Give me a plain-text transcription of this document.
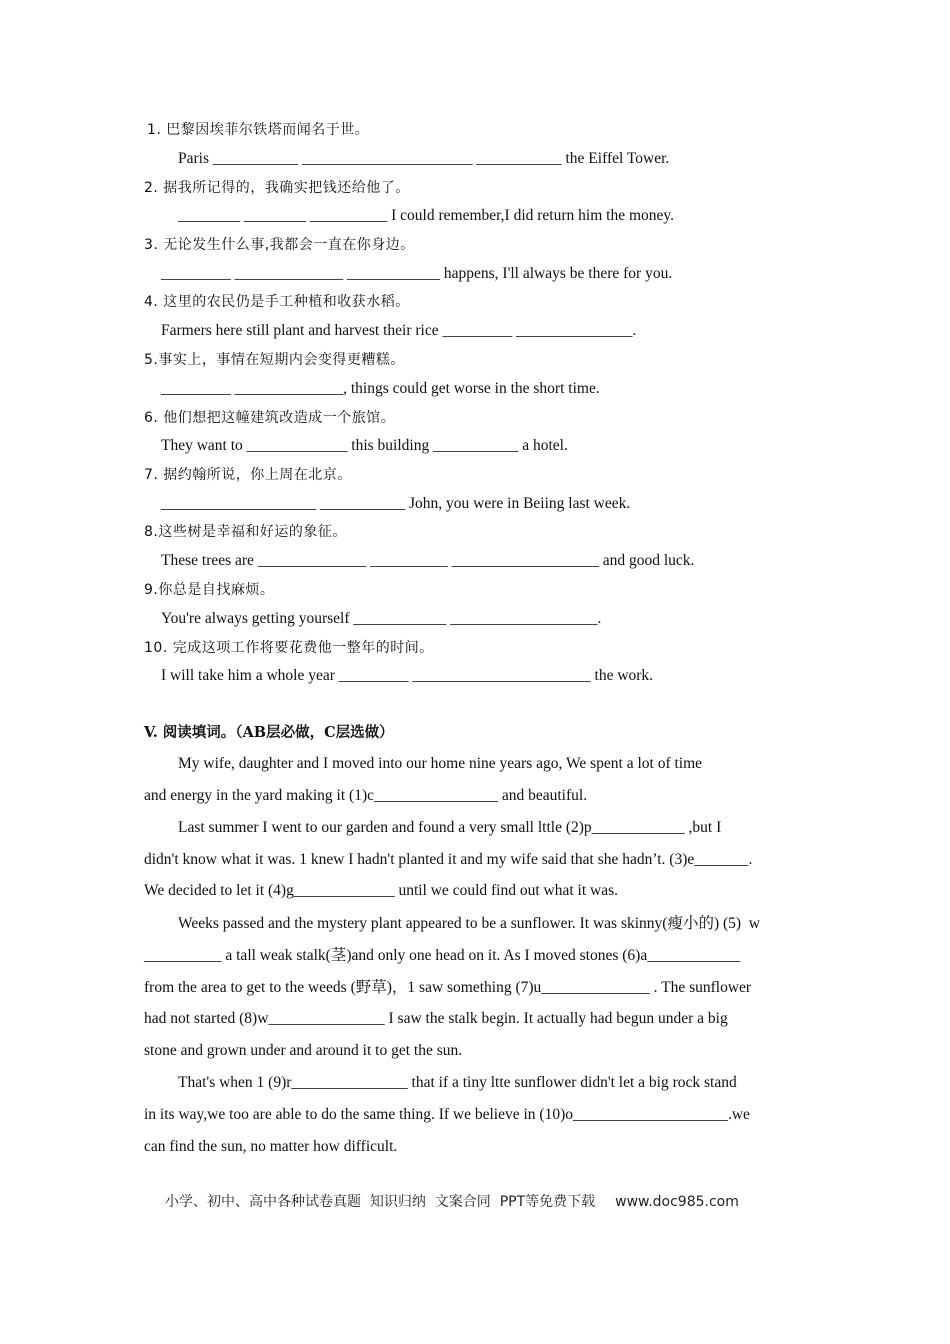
1. 巴黎因埃菲尔铁塔而闻名于世。
Paris ___________ ______________________ ___________ the Eiffel Tower.
2. 据我所记得的，我确实把钱还给他了。
________ ________ __________ I could remember,I did return him the money.
3. 无论发生什么事,我都会一直在你身边。
_________ ______________ ____________ happens, I'll always be there for you.
4. 这里的农民仍是手工种植和收获水稻。
Farmers here still plant and harvest their rice _________ _______________.
5.事实上，事情在短期内会变得更糟糕。
_________ ______________, things could get worse in the short time.
6. 他们想把这幢建筑改造成一个旅馆。
They want to _____________ this building ___________ a hotel.
7. 据约翰所说，你上周在北京。
____________________ ___________ John, you were in Beiing last week.
8.这些树是幸福和好运的象征。
These trees are ______________ __________ ___________________ and good luck.
9.你总是自找麻烦。
You're always getting yourself ____________ ___________________.
10. 完成这项工作将要花费他一整年的时间。
I will take him a whole year _________ _______________________ the work.
V. 阅读填词。（AB层必做，C层选做）
My wife, daughter and I moved into our home nine years ago, We spent a lot of time
and energy in the yard making it (1)c________________ and beautiful.
Last summer I went to our garden and found a very small lttle (2)p____________ ,but I
didn't know what it was. 1 knew I hadn't planted it and my wife said that she hadn’t. (3)e_______.
We decided to let it (4)g_____________ until we could find out what it was.
Weeks passed and the mystery plant appeared to be a sunflower. It was skinny(瘦小的) (5)  w
__________ a tall weak stalk(茎)and only one head on it. As I moved stones (6)a____________
from the area to get to the weeds (野草)，1 saw something (7)u______________ . The sunflower
had not started (8)w_______________ I saw the stalk begin. It actually had begun under a big
stone and grown under and around it to get the sun.
That's when 1 (9)r_______________ that if a tiny ltte sunflower didn't let a big rock stand
in its way,we too are able to do the same thing. If we believe in (10)o____________________.we
can find the sun, no matter how difficult.
小学、初中、高中各种试卷真题  知识归纳  文案合同  PPT等免费下载 www.doc985.com
